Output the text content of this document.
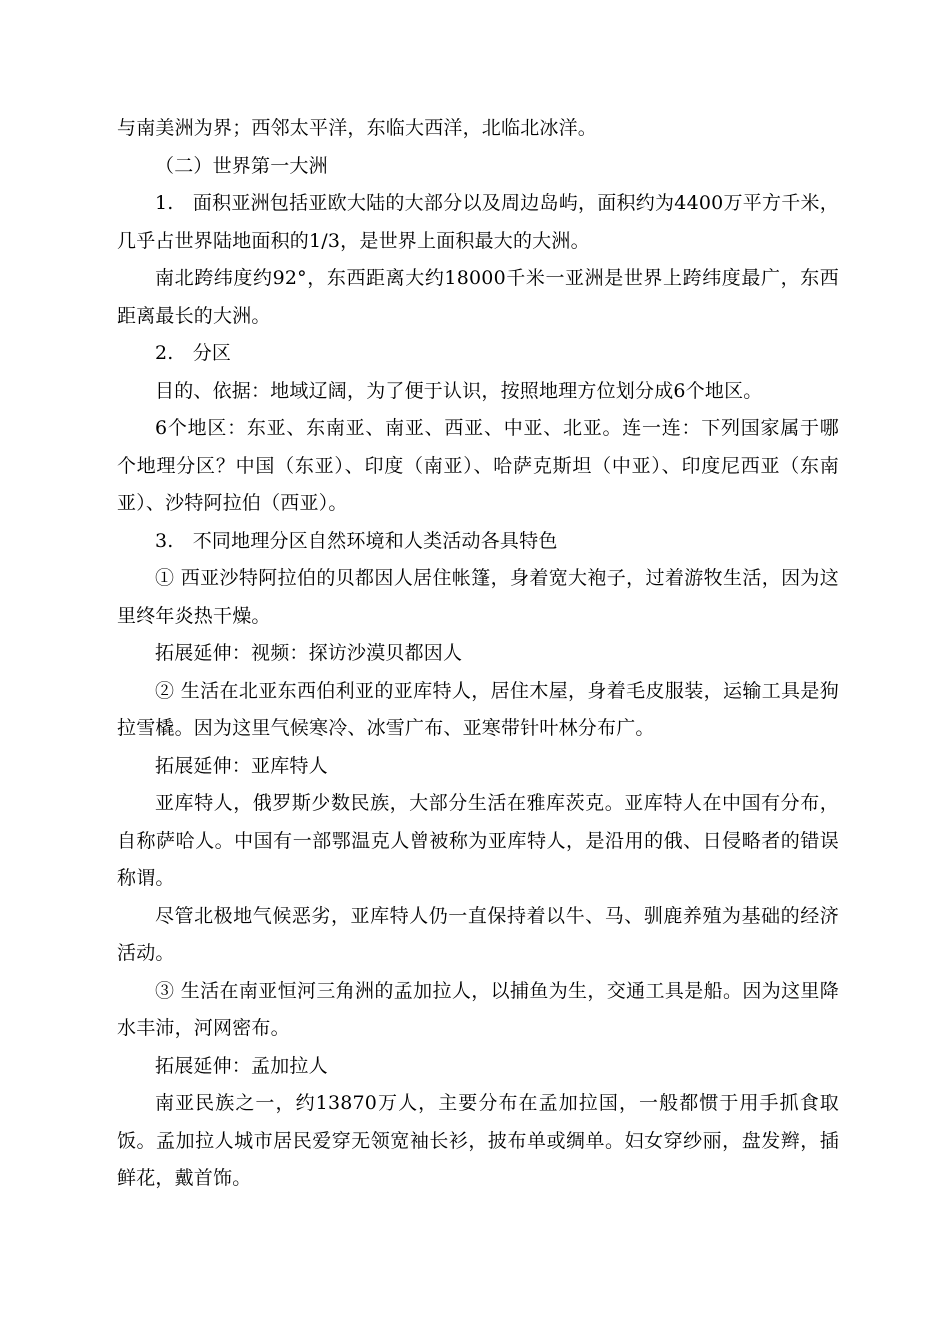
与南美洲为界；西邻太平洋，东临大西洋，北临北冰洋。

（二）世界第一大洲

1.　面积亚洲包括亚欧大陆的大部分以及周边岛屿，面积约为4400万平方千米，几乎占世界陆地面积的1/3，是世界上面积最大的大洲。

南北跨纬度约92°，东西距离大约18000千米一亚洲是世界上跨纬度最广，东西距离最长的大洲。

2.　分区

目的、依据：地域辽阔，为了便于认识，按照地理方位划分成6个地区。

6个地区：东亚、东南亚、南亚、西亚、中亚、北亚。连一连：下列国家属于哪个地理分区？中国（东亚）、印度（南亚）、哈萨克斯坦（中亚）、印度尼西亚（东南亚）、沙特阿拉伯（西亚）。

3.　不同地理分区自然环境和人类活动各具特色

① 西亚沙特阿拉伯的贝都因人居住帐篷，身着宽大袍子，过着游牧生活，因为这里终年炎热干燥。

拓展延伸：视频：探访沙漠贝都因人

② 生活在北亚东西伯利亚的亚库特人，居住木屋，身着毛皮服装，运输工具是狗拉雪橇。因为这里气候寒冷、冰雪广布、亚寒带针叶林分布广。

拓展延伸：亚库特人

亚库特人，俄罗斯少数民族，大部分生活在雅库茨克。亚库特人在中国有分布，自称萨哈人。中国有一部鄂温克人曾被称为亚库特人，是沿用的俄、日侵略者的错误称谓。

尽管北极地气候恶劣，亚库特人仍一直保持着以牛、马、驯鹿养殖为基础的经济活动。

③ 生活在南亚恒河三角洲的孟加拉人，以捕鱼为生，交通工具是船。因为这里降水丰沛，河网密布。

拓展延伸：孟加拉人

南亚民族之一，约13870万人，主要分布在孟加拉国，一般都惯于用手抓食取饭。孟加拉人城市居民爱穿无领宽袖长衫，披布单或绸单。妇女穿纱丽，盘发辫，插鲜花，戴首饰。
